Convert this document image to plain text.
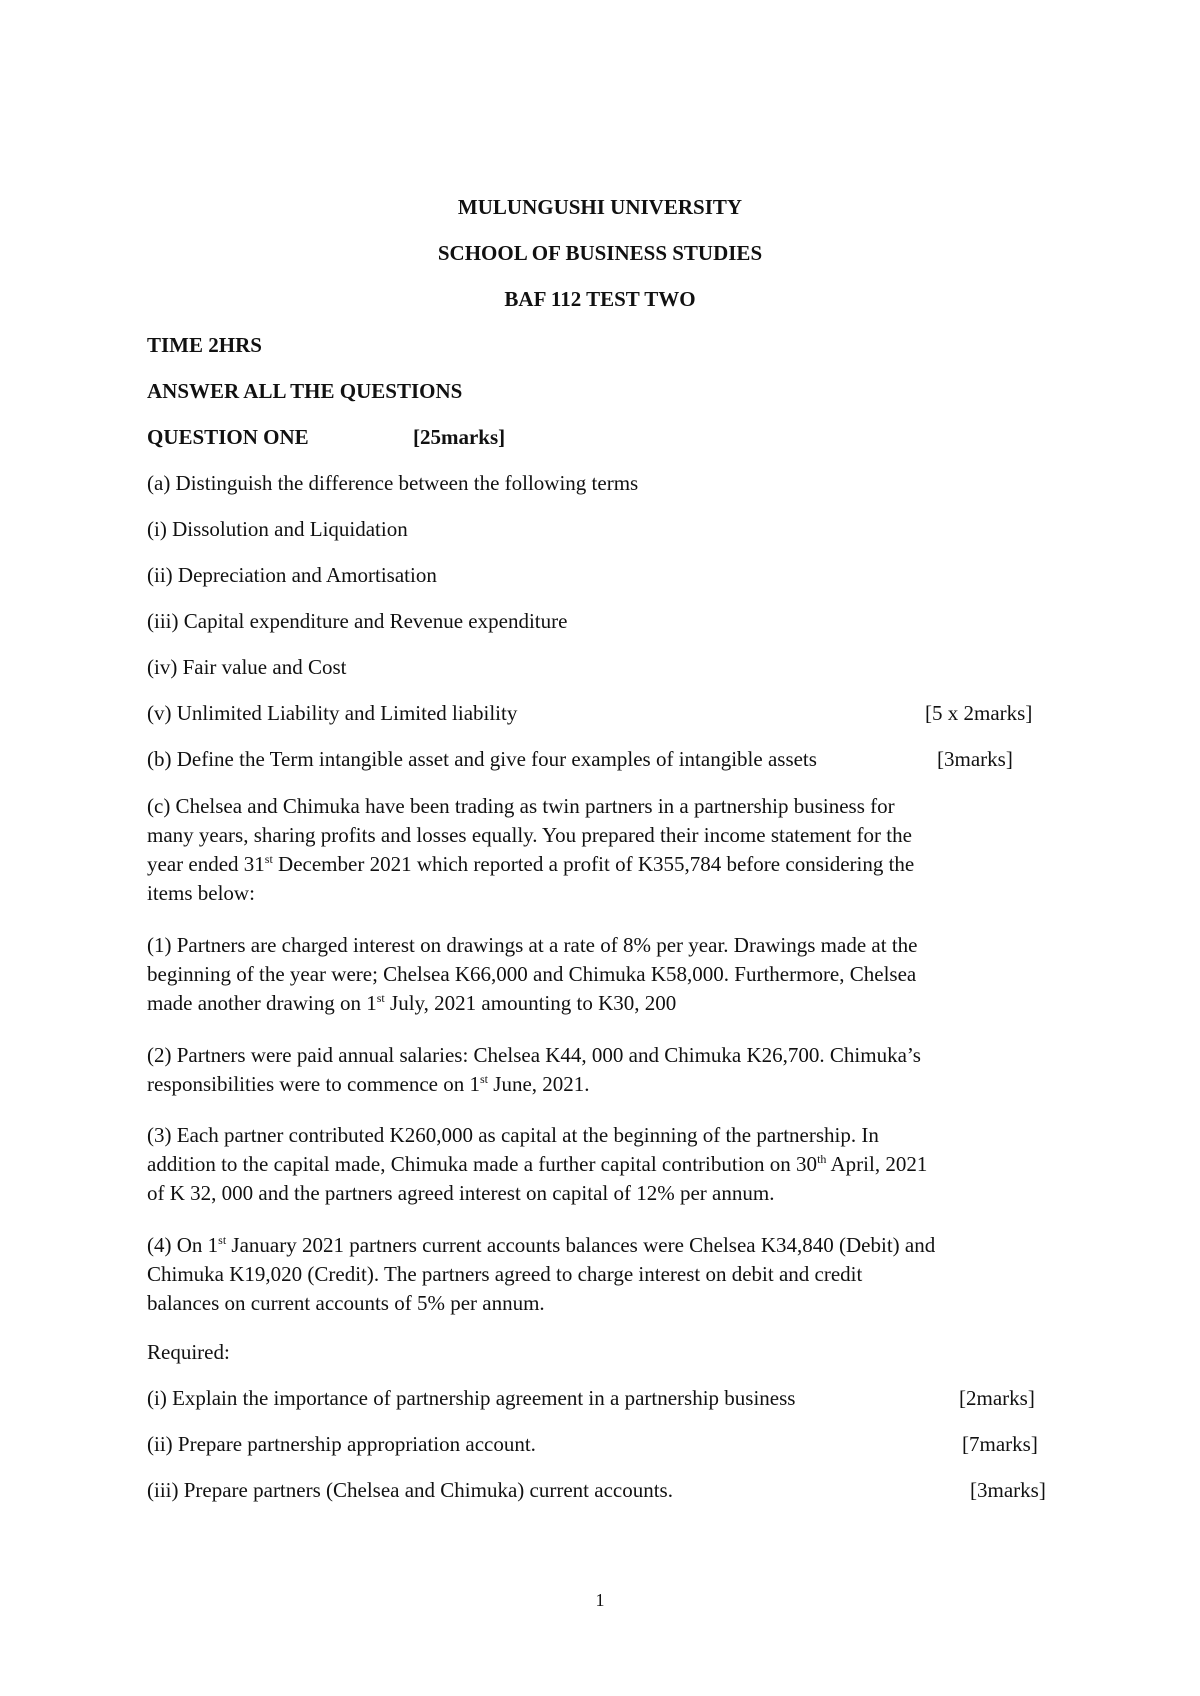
MULUNGUSHI UNIVERSITY
SCHOOL OF BUSINESS STUDIES
BAF 112 TEST TWO
TIME 2HRS
ANSWER ALL THE QUESTIONS
QUESTION ONE	[25marks]
(a) Distinguish the difference between the following terms
(i) Dissolution and Liquidation
(ii) Depreciation and Amortisation
(iii) Capital expenditure and Revenue expenditure
(iv) Fair value and Cost
(v) Unlimited Liability and Limited liability	[5 x 2marks]
(b) Define the Term intangible asset and give four examples of intangible assets	[3marks]
(c) Chelsea and Chimuka have been trading as twin partners in a partnership business for
many years, sharing profits and losses equally. You prepared their income statement for the
year ended 31st December 2021 which reported a profit of K355,784 before considering the
items below:
(1) Partners are charged interest on drawings at a rate of 8% per year. Drawings made at the
beginning of the year were; Chelsea K66,000 and Chimuka K58,000. Furthermore, Chelsea
made another drawing on 1st July, 2021 amounting to K30, 200
(2) Partners were paid annual salaries: Chelsea K44, 000 and Chimuka K26,700. Chimuka’s
responsibilities were to commence on 1st June, 2021.
(3) Each partner contributed K260,000 as capital at the beginning of the partnership. In
addition to the capital made, Chimuka made a further capital contribution on 30th April, 2021
of K 32, 000 and the partners agreed interest on capital of 12% per annum.
(4) On 1st January 2021 partners current accounts balances were Chelsea K34,840 (Debit) and
Chimuka K19,020 (Credit). The partners agreed to charge interest on debit and credit
balances on current accounts of 5% per annum.
Required:
(i) Explain the importance of partnership agreement in a partnership business	[2marks]
(ii) Prepare partnership appropriation account.	[7marks]
(iii) Prepare partners (Chelsea and Chimuka) current accounts.	[3marks]
1
